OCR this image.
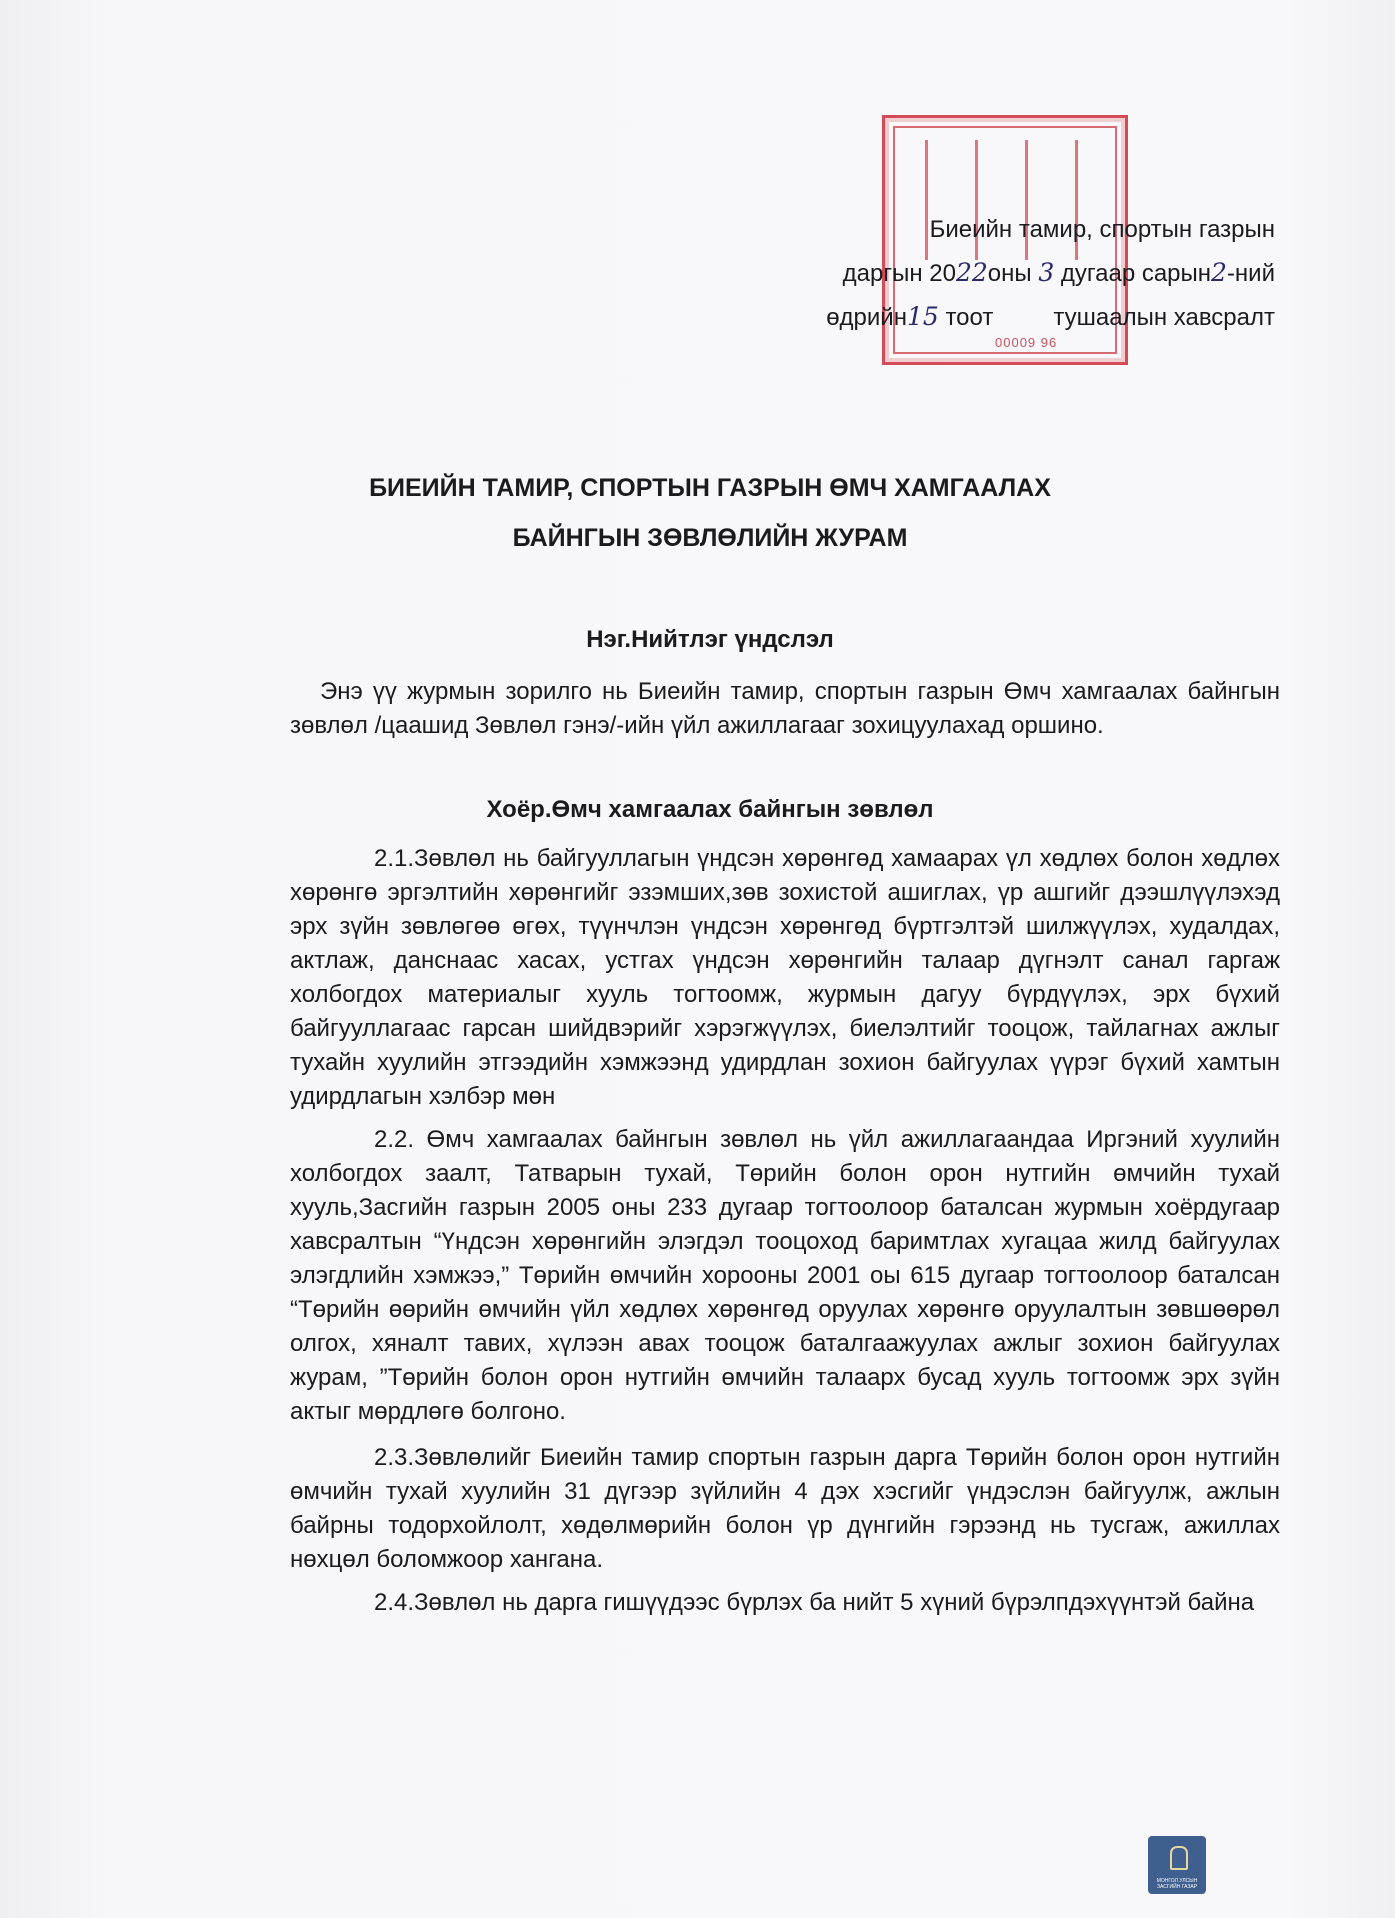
00009 96
Биеийн тамир, спортын газрын
даргын 2022оны 3 дугаар сарын2-ний
өдрийн15 тоот	тушаалын хавсралт
БИЕИЙН ТАМИР, СПОРТЫН ГАЗРЫН ӨМЧ ХАМГААЛАХ
БАЙНГЫН ЗӨВЛӨЛИЙН ЖУРАМ
Нэг.Нийтлэг үндслэл
Энэ үү журмын зорилго нь Биеийн тамир, спортын газрын Өмч хамгаалах байнгын зөвлөл /цаашид Зөвлөл гэнэ/-ийн үйл ажиллагааг зохицуулахад оршино.
Хоёр.Өмч хамгаалах байнгын зөвлөл
2.1.Зөвлөл нь байгууллагын үндсэн хөрөнгөд хамаарах үл хөдлөх болон хөдлөх хөрөнгө эргэлтийн хөрөнгийг эзэмших,зөв зохистой ашиглах, үр ашгийг дээшлүүлэхэд эрх зүйн зөвлөгөө өгөх, түүнчлэн үндсэн хөрөнгөд бүртгэлтэй шилжүүлэх, худалдах, актлаж, данснаас хасах, устгах үндсэн хөрөнгийн талаар дүгнэлт санал гаргаж холбогдох материалыг хууль тогтоомж, журмын дагуу бүрдүүлэх, эрх бүхий байгууллагаас гарсан шийдвэрийг хэрэгжүүлэх, биелэлтийг тооцож, тайлагнах ажлыг тухайн хуулийн этгээдийн хэмжээнд удирдлан зохион байгуулах үүрэг бүхий хамтын удирдлагын хэлбэр мөн
2.2. Өмч хамгаалах байнгын зөвлөл нь үйл ажиллагаандаа Иргэний хуулийн холбогдох заалт, Татварын тухай, Төрийн болон орон нутгийн өмчийн тухай хууль,Засгийн газрын 2005 оны 233 дугаар тогтоолоор баталсан журмын хоёрдугаар хавсралтын “Үндсэн хөрөнгийн элэгдэл тооцоход баримтлах хугацаа жилд байгуулах элэгдлийн хэмжээ,” Төрийн өмчийн хорооны 2001 оы 615 дугаар тогтоолоор баталсан “Төрийн өөрийн өмчийн үйл хөдлөх хөрөнгөд оруулах хөрөнгө оруулалтын зөвшөөрөл олгох, хяналт тавих, хүлээн авах тооцож баталгаажуулах ажлыг зохион байгуулах журам, ”Төрийн болон орон нутгийн өмчийн талаарх бусад хууль тогтоомж эрх зүйн актыг мөрдлөгө болгоно.
2.3.Зөвлөлийг Биеийн тамир спортын газрын дарга Төрийн болон орон нутгийн өмчийн тухай хуулийн 31 дүгээр зүйлийн 4 дэх хэсгийг үндэслэн байгуулж, ажлын байрны тодорхойлолт, хөдөлмөрийн болон үр дүнгийн гэрээнд нь тусгаж, ажиллах нөхцөл боломжоор хангана.
2.4.Зөвлөл нь дарга гишүүдээс бүрлэх ба нийт 5 хүний бүрэлпдэхүүнтэй байна
МОНГОЛ УЛСЫН ЗАСГИЙН ГАЗАР
